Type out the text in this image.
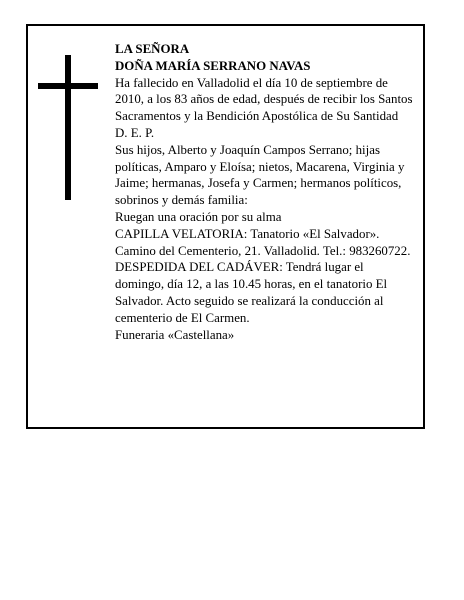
LA SEÑORA

DOÑA MARÍA SERRANO NAVAS

Ha fallecido en Valladolid el día 10 de septiembre de 2010, a los 83 años de edad, después de recibir los Santos Sacramentos y la Bendición Apostólica de Su Santidad

D. E. P.

Sus hijos, Alberto y Joaquín Campos Serrano; hijas políticas, Amparo y Eloísa; nietos, Macarena, Virginia y Jaime; hermanas, Josefa y Carmen; hermanos políticos, sobrinos y demás familia:

Ruegan una oración por su alma

CAPILLA VELATORIA: Tanatorio «El Salvador». Camino del Cementerio, 21. Valladolid. Tel.: 983260722.

DESPEDIDA DEL CADÁVER: Tendrá lugar el domingo, día 12, a las 10.45 horas, en el tanatorio El Salvador. Acto seguido se realizará la conducción al cementerio de El Carmen.

Funeraria «Castellana»
